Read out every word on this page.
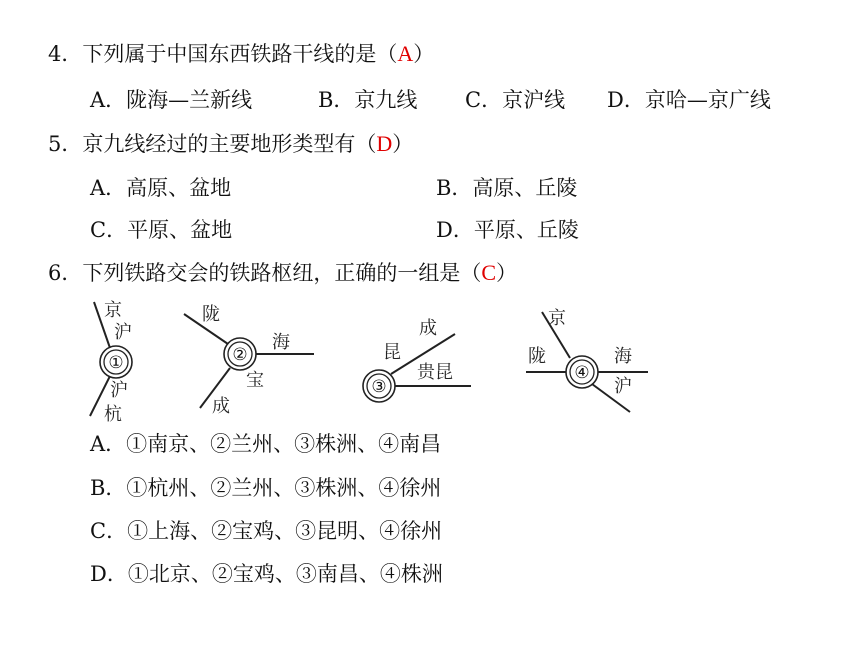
4．下列属于中国东西铁路干线的是（A）
A．陇海—兰新线	B．京九线 C．京沪线 D．京哈—京广线
5．京九线经过的主要地形类型有（D）
A．高原、盆地	B．高原、丘陵
C．平原、盆地	D．平原、丘陵
6．下列铁路交会的铁路枢纽，正确的一组是（C）
①
京
沪
沪
杭
②
陇
海
宝
成
③
成
昆
贵昆	④
京
陇	海
沪
A．①南京、②兰州、③株洲、④南昌
B．①杭州、②兰州、③株洲、④徐州
C．①上海、②宝鸡、③昆明、④徐州
D．①北京、②宝鸡、③南昌、④株洲
